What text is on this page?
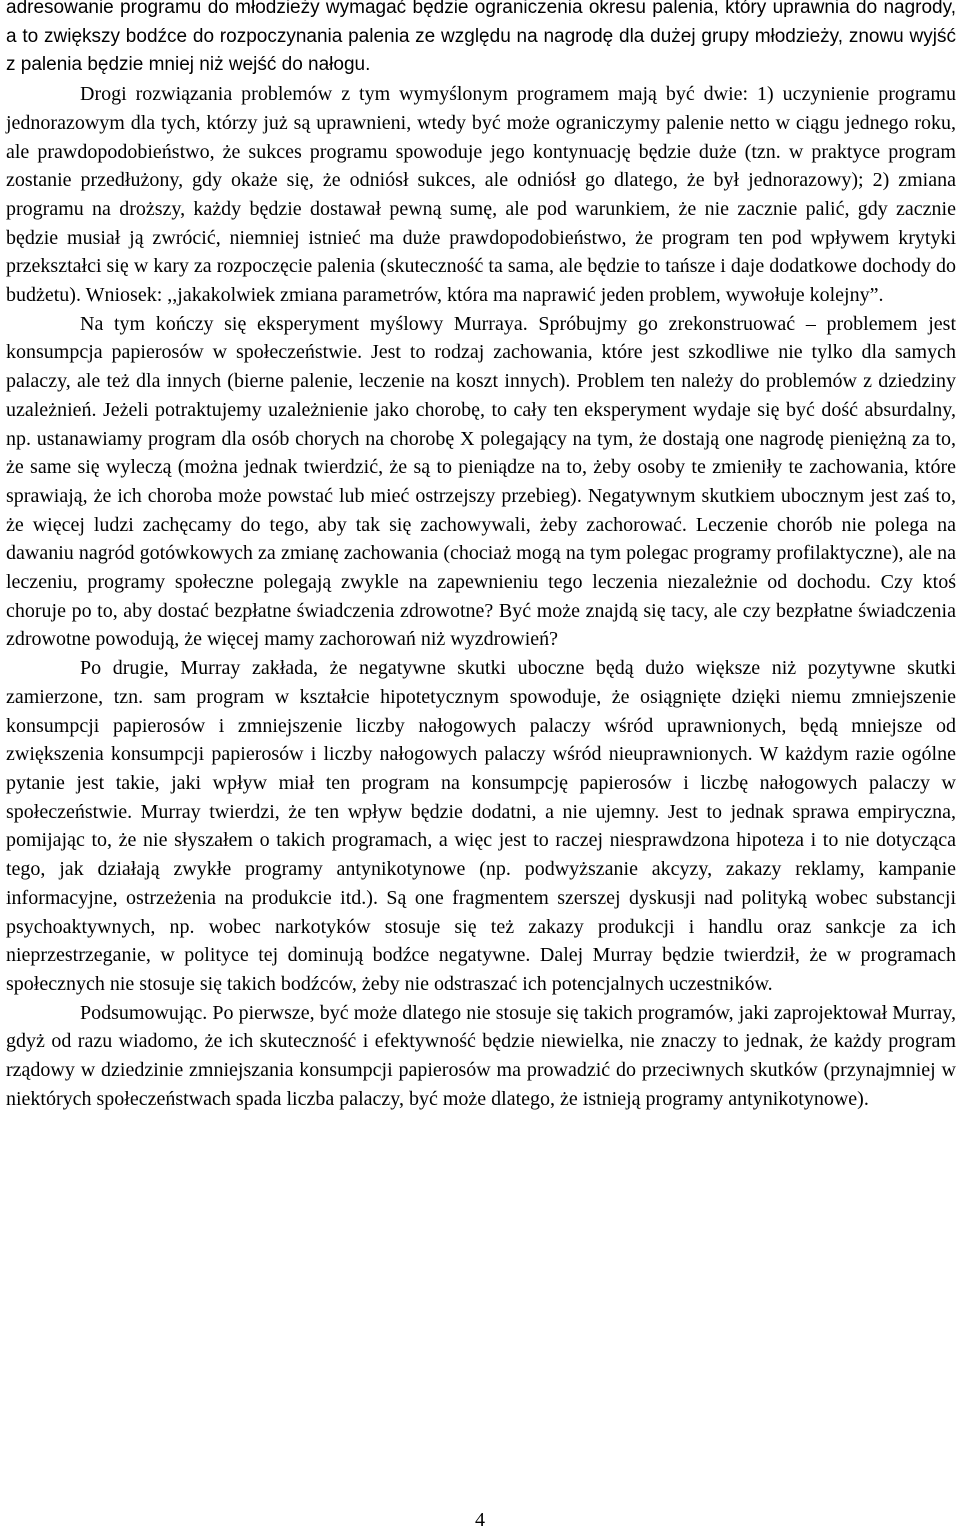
adresowanie programu do młodzieży wymagać będzie ograniczenia okresu palenia, który uprawnia do nagrody, a to zwiększy bodźce do rozpoczynania palenia ze względu na nagrodę dla dużej grupy młodzieży, znowu wyjść z palenia będzie mniej niż wejść do nałogu.

Drogi rozwiązania problemów z tym wymyślonym programem mają być dwie: 1) uczynienie programu jednorazowym dla tych, którzy już są uprawnieni, wtedy być może ograniczymy palenie netto w ciągu jednego roku, ale prawdopodobieństwo, że sukces programu spowoduje jego kontynuację będzie duże (tzn. w praktyce program zostanie przedłużony, gdy okaże się, że odniósł sukces, ale odniósł go dlatego, że był jednorazowy); 2) zmiana programu na droższy, każdy będzie dostawał pewną sumę, ale pod warunkiem, że nie zacznie palić, gdy zacznie będzie musiał ją zwrócić, niemniej istnieć ma duże prawdopodobieństwo, że program ten pod wpływem krytyki przekształci się w kary za rozpoczęcie palenia (skuteczność ta sama, ale będzie to tańsze i daje dodatkowe dochody do budżetu). Wniosek: ,,jakakolwiek zmiana parametrów, która ma naprawić jeden problem, wywołuje kolejny”.

Na tym kończy się eksperyment myślowy Murraya. Spróbujmy go zrekonstruować – problemem jest konsumpcja papierosów w społeczeństwie. Jest to rodzaj zachowania, które jest szkodliwe nie tylko dla samych palaczy, ale też dla innych (bierne palenie, leczenie na koszt innych). Problem ten należy do problemów z dziedziny uzależnień. Jeżeli potraktujemy uzależnienie jako chorobę, to cały ten eksperyment wydaje się być dość absurdalny, np. ustanawiamy program dla osób chorych na chorobę X polegający na tym, że dostają one nagrodę pieniężną za to, że same się wyleczą (można jednak twierdzić, że są to pieniądze na to, żeby osoby te zmieniły te zachowania, które sprawiają, że ich choroba może powstać lub mieć ostrzejszy przebieg). Negatywnym skutkiem ubocznym jest zaś to, że więcej ludzi zachęcamy do tego, aby tak się zachowywali, żeby zachorować. Leczenie chorób nie polega na dawaniu nagród gotówkowych za zmianę zachowania (chociaż mogą na tym polegac programy profilaktyczne), ale na leczeniu, programy społeczne polegają zwykle na zapewnieniu tego leczenia niezależnie od dochodu. Czy ktoś choruje po to, aby dostać bezpłatne świadczenia zdrowotne? Być może znajdą się tacy, ale czy bezpłatne świadczenia zdrowotne powodują, że więcej mamy zachorowań niż wyzdrowień?

Po drugie, Murray zakłada, że negatywne skutki uboczne będą dużo większe niż pozytywne skutki zamierzone, tzn. sam program w kształcie hipotetycznym spowoduje, że osiągnięte dzięki niemu zmniejszenie konsumpcji papierosów i zmniejszenie liczby nałogowych palaczy wśród uprawnionych, będą mniejsze od zwiększenia konsumpcji papierosów i liczby nałogowych palaczy wśród nieuprawnionych. W każdym razie ogólne pytanie jest takie, jaki wpływ miał ten program na konsumpcję papierosów i liczbę nałogowych palaczy w społeczeństwie. Murray twierdzi, że ten wpływ będzie dodatni, a nie ujemny. Jest to jednak sprawa empiryczna, pomijając to, że nie słyszałem o takich programach, a więc jest to raczej niesprawdzona hipoteza i to nie dotycząca tego, jak działają zwykłe programy antynikotynowe (np. podwyższanie akcyzy, zakazy reklamy, kampanie informacyjne, ostrzeżenia na produkcie itd.). Są one fragmentem szerszej dyskusji nad polityką wobec substancji psychoaktywnych, np. wobec narkotyków stosuje się też zakazy produkcji i handlu oraz sankcje za ich nieprzestrzeganie, w polityce tej dominują bodźce negatywne. Dalej Murray będzie twierdził, że w programach społecznych nie stosuje się takich bodźców, żeby nie odstraszać ich potencjalnych uczestników.

Podsumowując. Po pierwsze, być może dlatego nie stosuje się takich programów, jaki zaprojektował Murray, gdyż od razu wiadomo, że ich skuteczność i efektywność będzie niewielka, nie znaczy to jednak, że każdy program rządowy w dziedzinie zmniejszania konsumpcji papierosów ma prowadzić do przeciwnych skutków (przynajmniej w niektórych społeczeństwach spada liczba palaczy, być może dlatego, że istnieją programy antynikotynowe).

4
